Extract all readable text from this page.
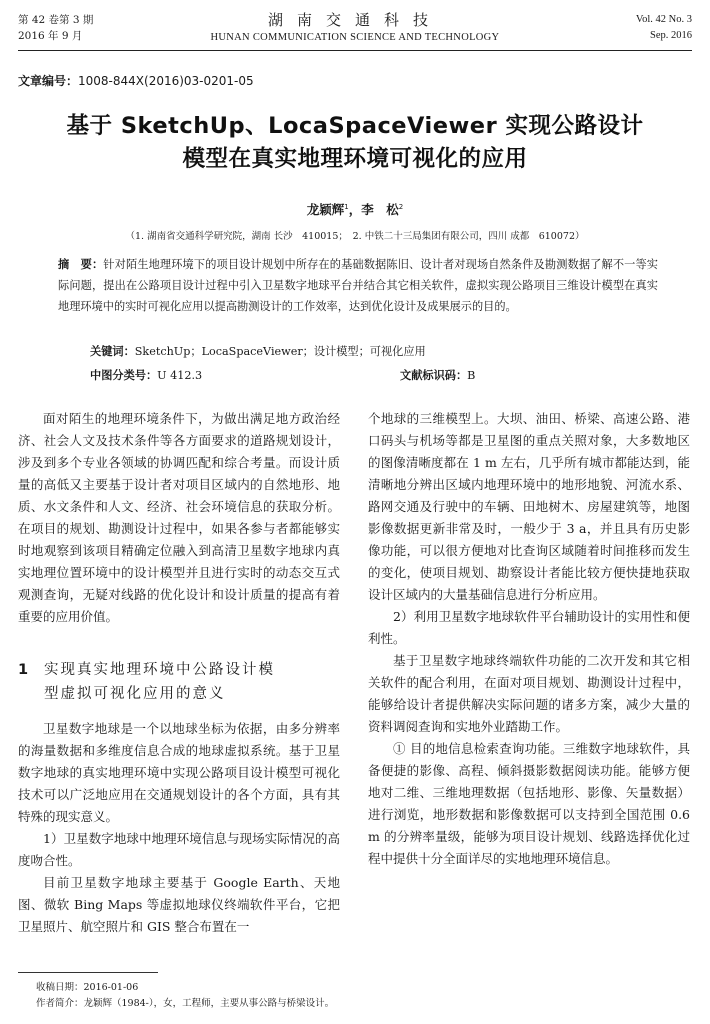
第 42 卷第 3 期
2016 年 9 月
湖南交通科技
HUNAN COMMUNICATION SCIENCE AND TECHNOLOGY
Vol. 42 No. 3
Sep. 2016
文章编号：1008-844X(2016)03-0201-05
基于 SketchUp、LocaSpaceViewer 实现公路设计
模型在真实地理环境可视化的应用
龙颖辉$^1$，李　松$^2$
（1. 湖南省交通科学研究院，湖南 长沙　410015；　2. 中铁二十三局集团有限公司，四川 成都　610072）
摘　要：针对陌生地理环境下的项目设计规划中所存在的基础数据陈旧、设计者对现场自然条件及勘测数据了解不一等实际问题，提出在公路项目设计过程中引入卫星数字地球平台并结合其它相关软件，虚拟实现公路项目三维设计模型在真实地理环境中的实时可视化应用以提高勘测设计的工作效率，达到优化设计及成果展示的目的。
关键词：SketchUp；LocaSpaceViewer；设计模型；可视化应用
中图分类号：U 412.3	文献标识码：B

面对陌生的地理环境条件下，为做出满足地方政治经济、社会人文及技术条件等各方面要求的道路规划设计，涉及到多个专业各领域的协调匹配和综合考量。而设计质量的高低又主要基于设计者对项目区域内的自然地形、地质、水文条件和人文、经济、社会环境信息的获取分析。在项目的规划、勘测设计过程中，如果各参与者都能够实时地观察到该项目精确定位融入到高清卫星数字地球内真实地理位置环境中的设计模型并且进行实时的动态交互式观测查询，无疑对线路的优化设计和设计质量的提高有着重要的应用价值。

1 实现真实地理环境中公路设计模
型虚拟可视化应用的意义

卫星数字地球是一个以地球坐标为依据，由多分辨率的海量数据和多维度信息合成的地球虚拟系统。基于卫星数字地球的真实地理环境中实现公路项目设计模型可视化技术可以广泛地应用在交通规划设计的各个方面，具有其特殊的现实意义。

1）卫星数字地球中地理环境信息与现场实际情况的高度吻合性。

目前卫星数字地球主要基于 Google Earth、天地图、微软 Bing Maps 等虚拟地球仪终端软件平台，它把卫星照片、航空照片和 GIS 整合布置在一

个地球的三维模型上。大坝、油田、桥梁、高速公路、港口码头与机场等都是卫星图的重点关照对象，大多数地区的图像清晰度都在 1 m 左右，几乎所有城市都能达到，能清晰地分辨出区域内地理环境中的地形地貌、河流水系、路网交通及行驶中的车辆、田地树木、房屋建筑等，地图影像数据更新非常及时，一般少于 3 a，并且具有历史影像功能，可以很方便地对比查询区域随着时间推移而发生的变化，使项目规划、勘察设计者能比较方便快捷地获取设计区域内的大量基础信息进行分析应用。

2）利用卫星数字地球软件平台辅助设计的实用性和便利性。

基于卫星数字地球终端软件功能的二次开发和其它相关软件的配合利用，在面对项目规划、勘测设计过程中，能够给设计者提供解决实际问题的诸多方案，减少大量的资料调阅查询和实地外业踏勘工作。

① 目的地信息检索查询功能。三维数字地球软件，具备便捷的影像、高程、倾斜摄影数据阅读功能。能够方便地对二维、三维地理数据（包括地形、影像、矢量数据）进行浏览，地形数据和影像数据可以支持到全国范围 0.6 m 的分辨率量级，能够为项目设计规划、线路选择优化过程中提供十分全面详尽的实地地理环境信息。

收稿日期：2016-01-06
作者简介：龙颖辉（1984-），女，工程师，主要从事公路与桥梁设计。
